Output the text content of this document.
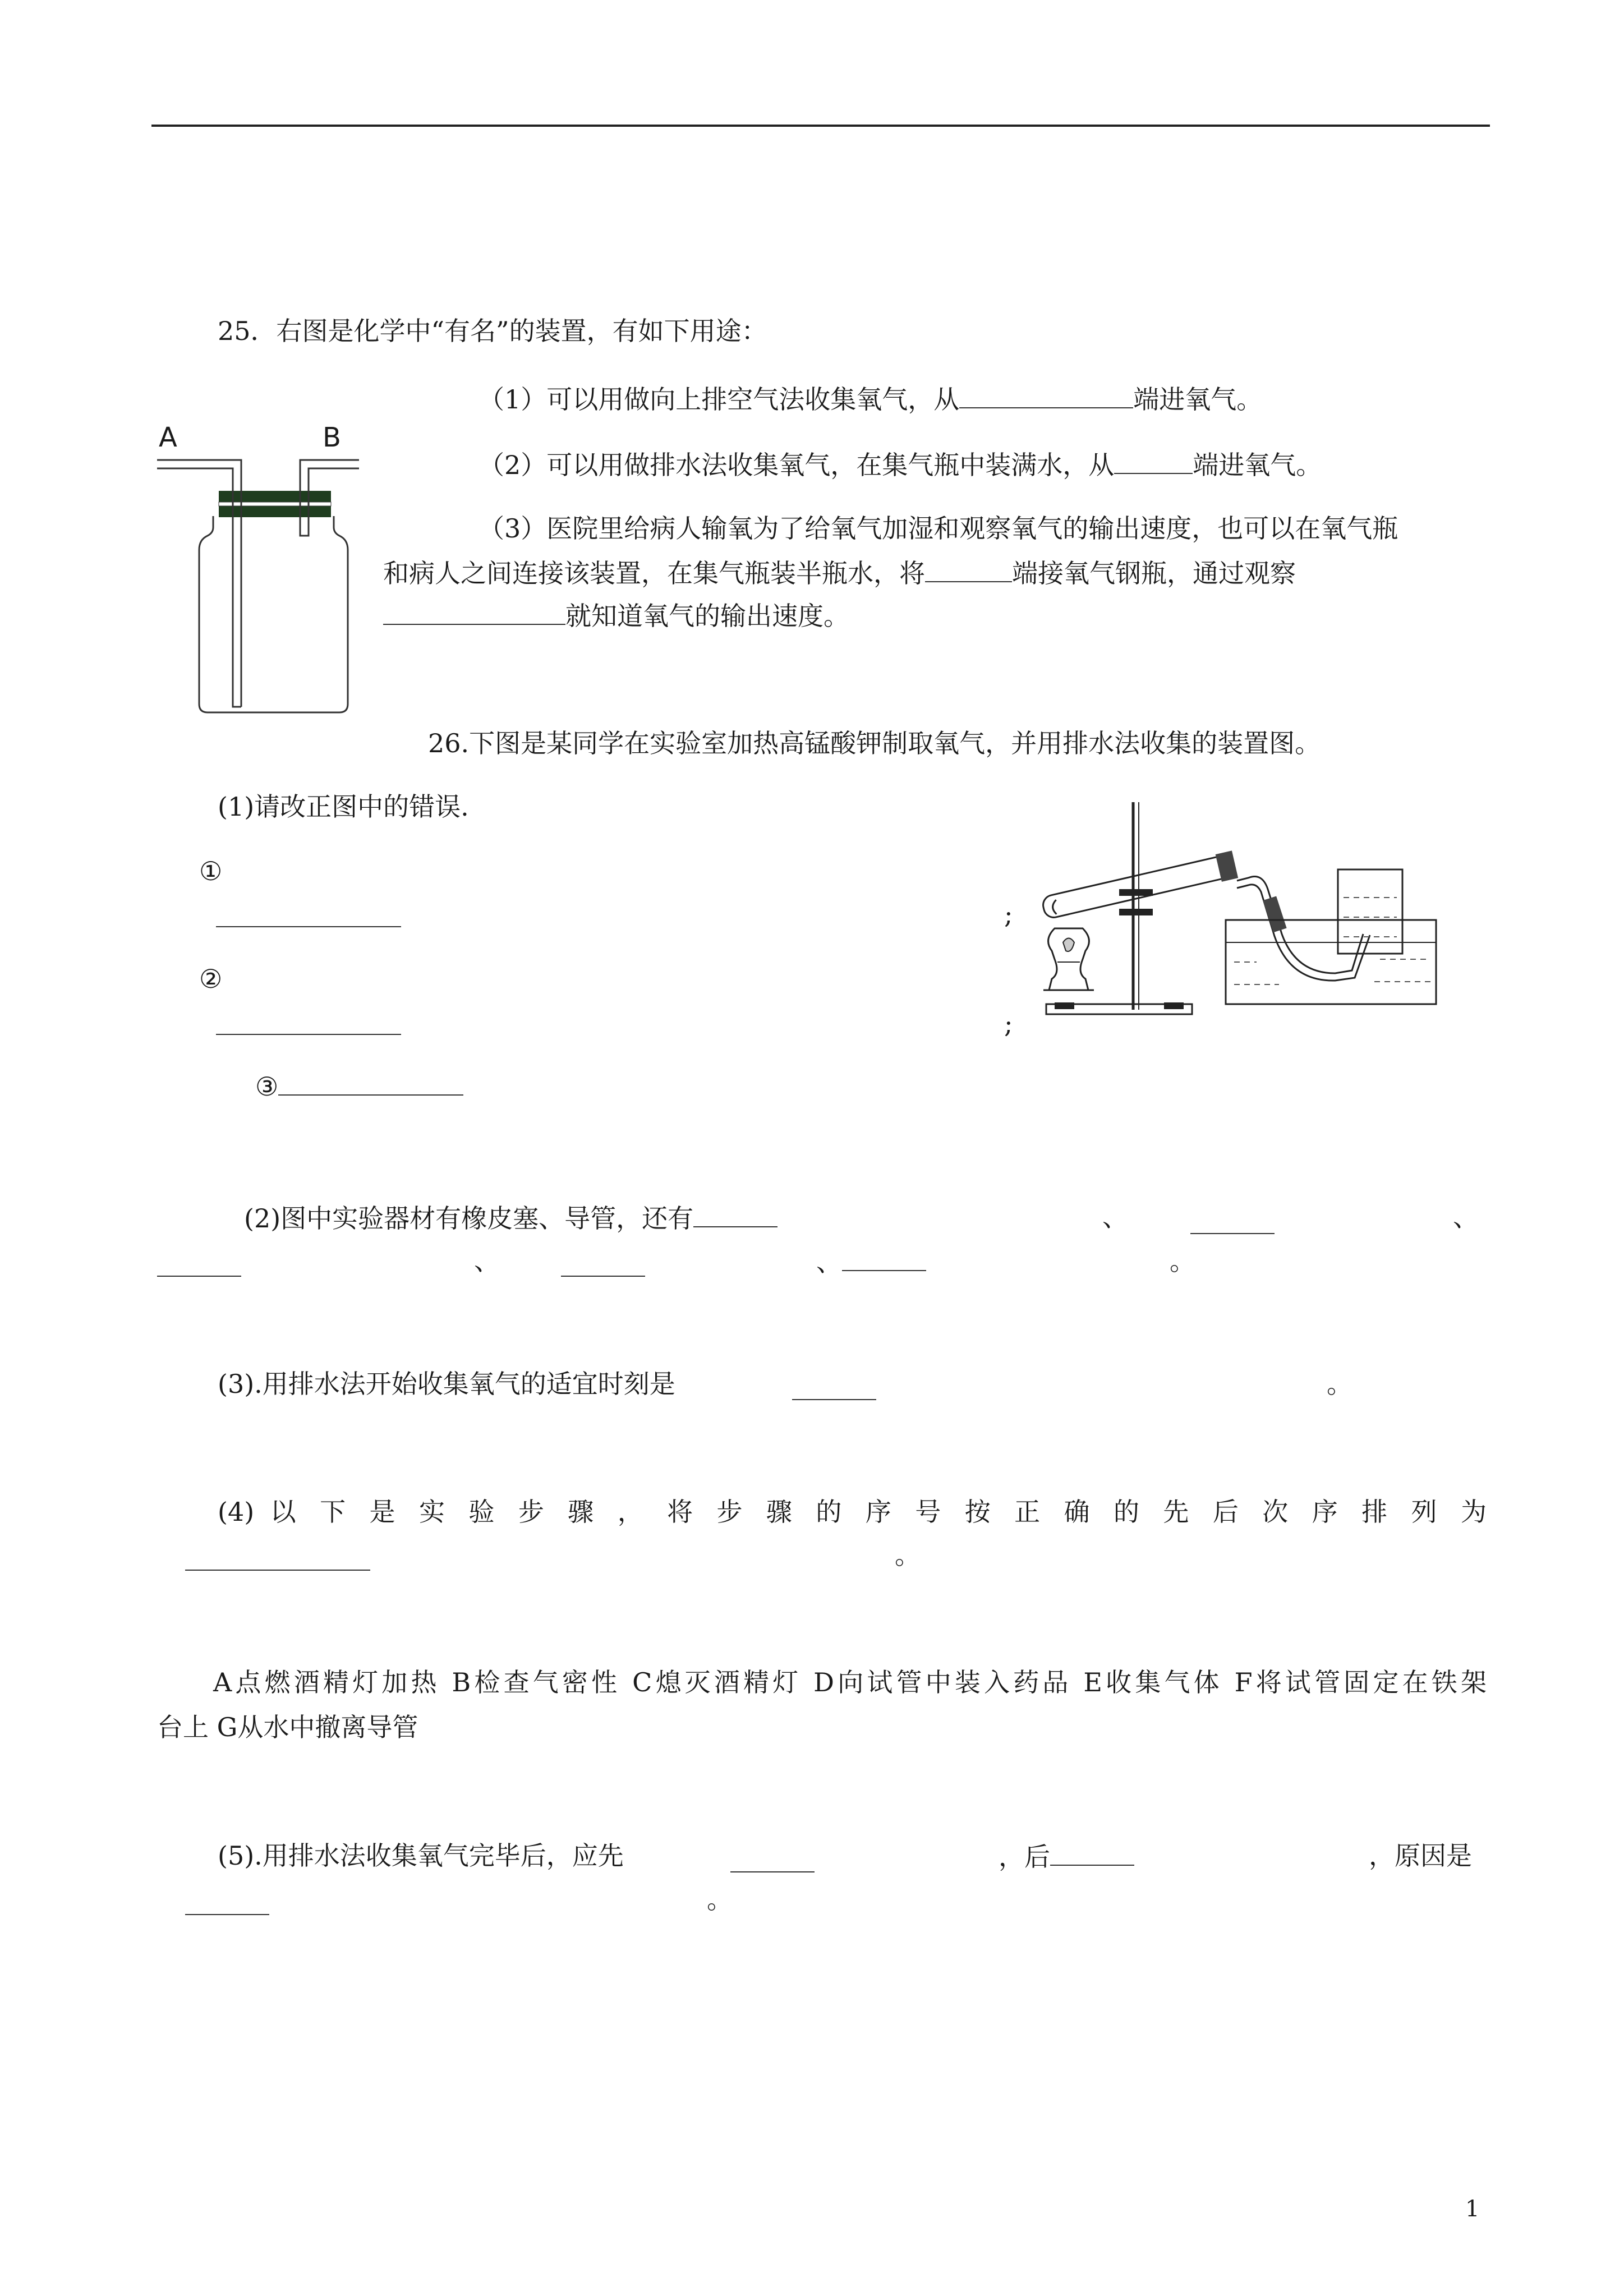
25．右图是化学中“有名”的装置，有如下用途：
（1）可以用做向上排空气法收集氧气，从	端进氧气。
（2）可以用做排水法收集氧气，在集气瓶中装满水，从	端进氧气。
（3）医院里给病人输氧为了给氧气加湿和观察氧气的输出速度，也可以在氧气瓶
和病人之间连接该装置，在集气瓶装半瓶水，将	端接氧气钢瓶，通过观察
就知道氧气的输出速度。
A	B
26.下图是某同学在实验室加热高锰酸钾制取氧气，并用排水法收集的装置图。
(1)请改正图中的错误.
①
②
③
;
;
(2)图中实验器材有橡皮塞、导管，还有	、	、
、	、	。
(3).用排水法开始收集氧气的适宜时刻是	。
(4) 以 下 是 实 验 步 骤 ， 将 步 骤 的 序 号 按 正 确 的 先 后 次 序 排 列 为
。
A点燃酒精灯加热 B检查气密性 C熄灭酒精灯 D向试管中装入药品 E收集气体 F将试管固定在铁架
台上 G从水中撤离导管
(5).用排水法收集氧气完毕后，应先	，后	，原因是
。
1
